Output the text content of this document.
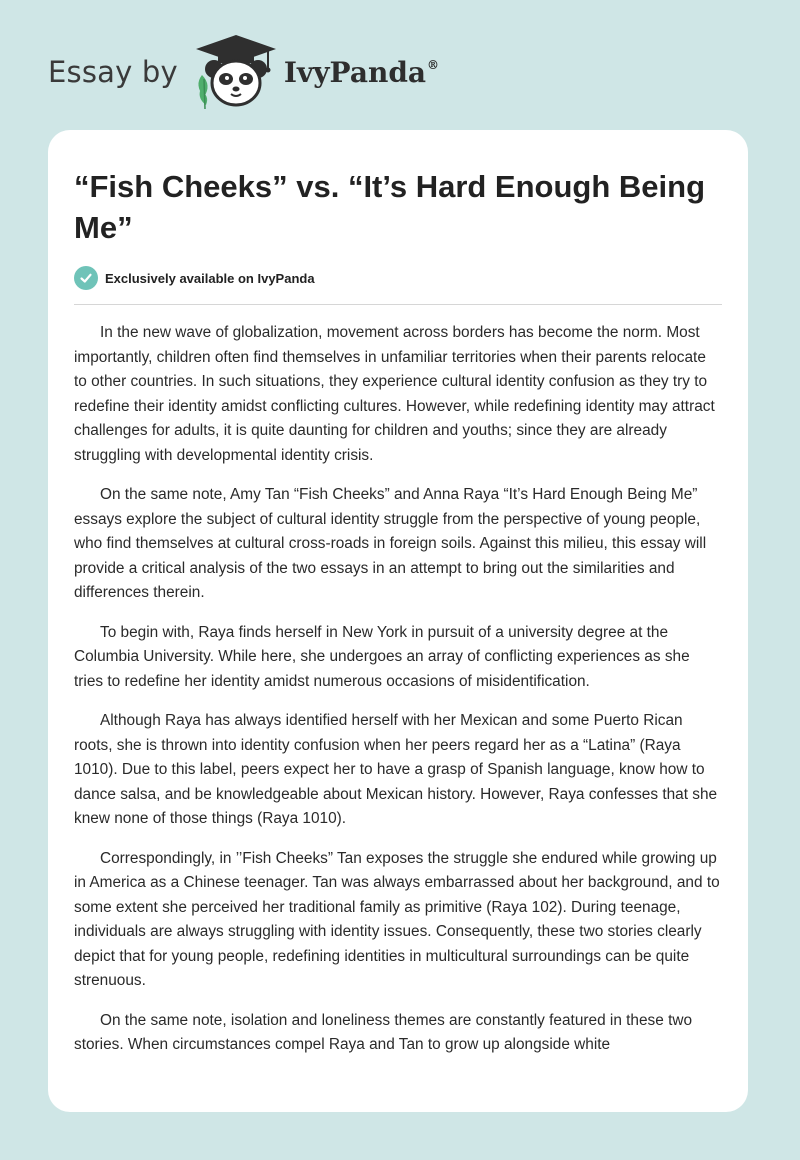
Essay by	IvyPanda®
“Fish Cheeks” vs. “It’s Hard Enough Being Me”
Exclusively available on IvyPanda

In the new wave of globalization, movement across borders has become the norm. Most importantly, children often find themselves in unfamiliar territories when their parents relocate to other countries. In such situations, they experience cultural identity confusion as they try to redefine their identity amidst conflicting cultures. However, while redefining identity may attract challenges for adults, it is quite daunting for children and youths; since they are already struggling with developmental identity crisis.

On the same note, Amy Tan “Fish Cheeks” and Anna Raya “It’s Hard Enough Being Me” essays explore the subject of cultural identity struggle from the perspective of young people, who find themselves at cultural cross-roads in foreign soils. Against this milieu, this essay will provide a critical analysis of the two essays in an attempt to bring out the similarities and differences therein.

To begin with, Raya finds herself in New York in pursuit of a university degree at the Columbia University. While here, she undergoes an array of conflicting experiences as she tries to redefine her identity amidst numerous occasions of misidentification.

Although Raya has always identified herself with her Mexican and some Puerto Rican roots, she is thrown into identity confusion when her peers regard her as a “Latina” (Raya 1010). Due to this label, peers expect her to have a grasp of Spanish language, know how to dance salsa, and be knowledgeable about Mexican history. However, Raya confesses that she knew none of those things (Raya 1010).

Correspondingly, in ’’Fish Cheeks” Tan exposes the struggle she endured while growing up in America as a Chinese teenager. Tan was always embarrassed about her background, and to some extent she perceived her traditional family as primitive (Raya 102). During teenage, individuals are always struggling with identity issues. Consequently, these two stories clearly depict that for young people, redefining identities in multicultural surroundings can be quite strenuous.

On the same note, isolation and loneliness themes are constantly featured in these two stories. When circumstances compel Raya and Tan to grow up alongside white
